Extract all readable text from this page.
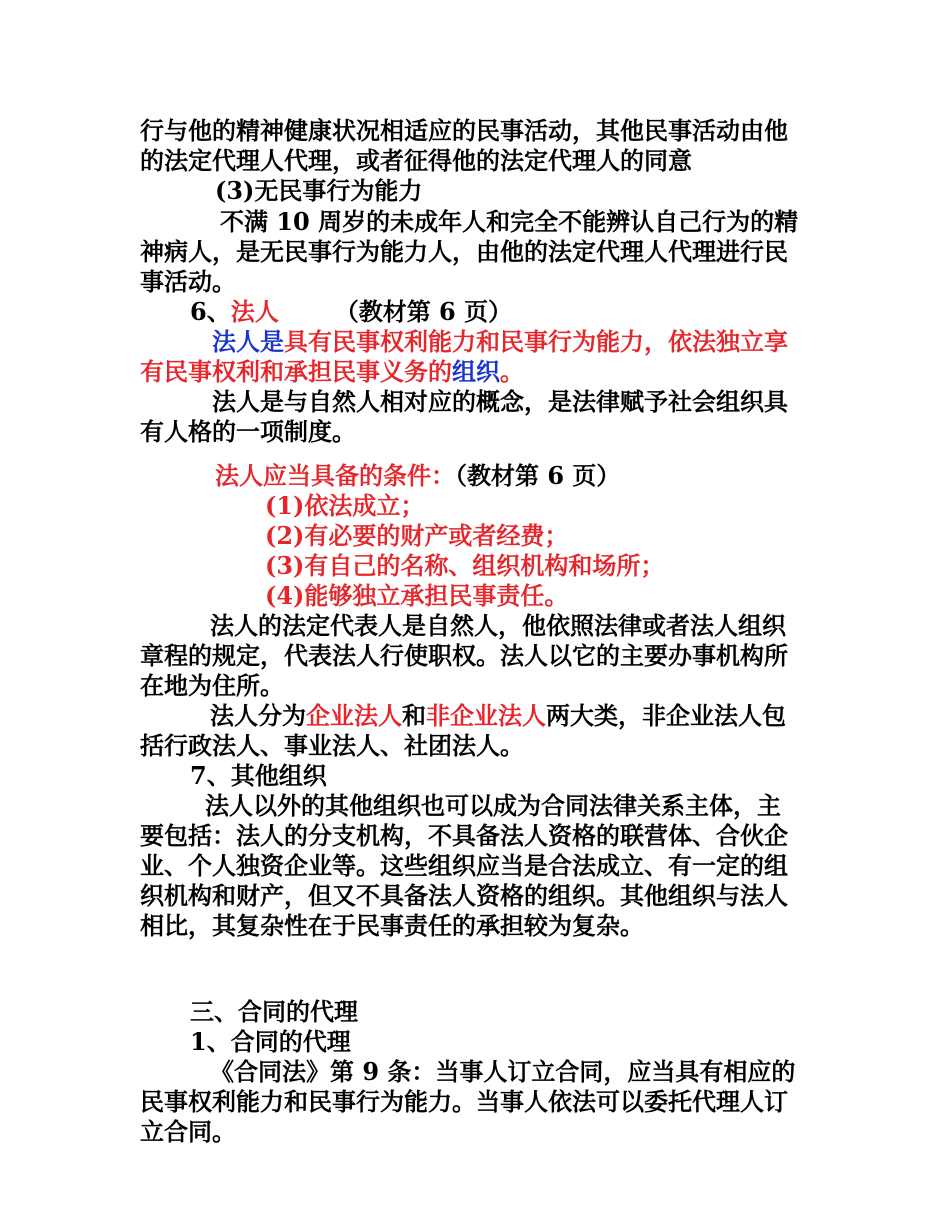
行与他的精神健康状况相适应的民事活动，其他民事活动由他
的法定代理人代理，或者征得他的法定代理人的同意
(3)无民事行为能力
不满 10 周岁的未成年人和完全不能辨认自己行为的精
神病人，是无民事行为能力人，由他的法定代理人代理进行民
事活动。
6、法人 （教材第 6 页）
法人是具有民事权利能力和民事行为能力，依法独立享
有民事权利和承担民事义务的组织。
法人是与自然人相对应的概念，是法律赋予社会组织具
有人格的一项制度。
法人应当具备的条件：（教材第 6 页）
(1)依法成立；
(2)有必要的财产或者经费；
(3)有自己的名称、组织机构和场所；
(4)能够独立承担民事责任。
法人的法定代表人是自然人，他依照法律或者法人组织
章程的规定，代表法人行使职权。法人以它的主要办事机构所
在地为住所。
法人分为企业法人和非企业法人两大类，非企业法人包
括行政法人、事业法人、社团法人。
7、其他组织
法人以外的其他组织也可以成为合同法律关系主体，主
要包括：法人的分支机构，不具备法人资格的联营体、合伙企
业、个人独资企业等。这些组织应当是合法成立、有一定的组
织机构和财产，但又不具备法人资格的组织。其他组织与法人
相比，其复杂性在于民事责任的承担较为复杂。
三、合同的代理
1、合同的代理
《合同法》第 9 条：当事人订立合同，应当具有相应的
民事权利能力和民事行为能力。当事人依法可以委托代理人订
立合同。
